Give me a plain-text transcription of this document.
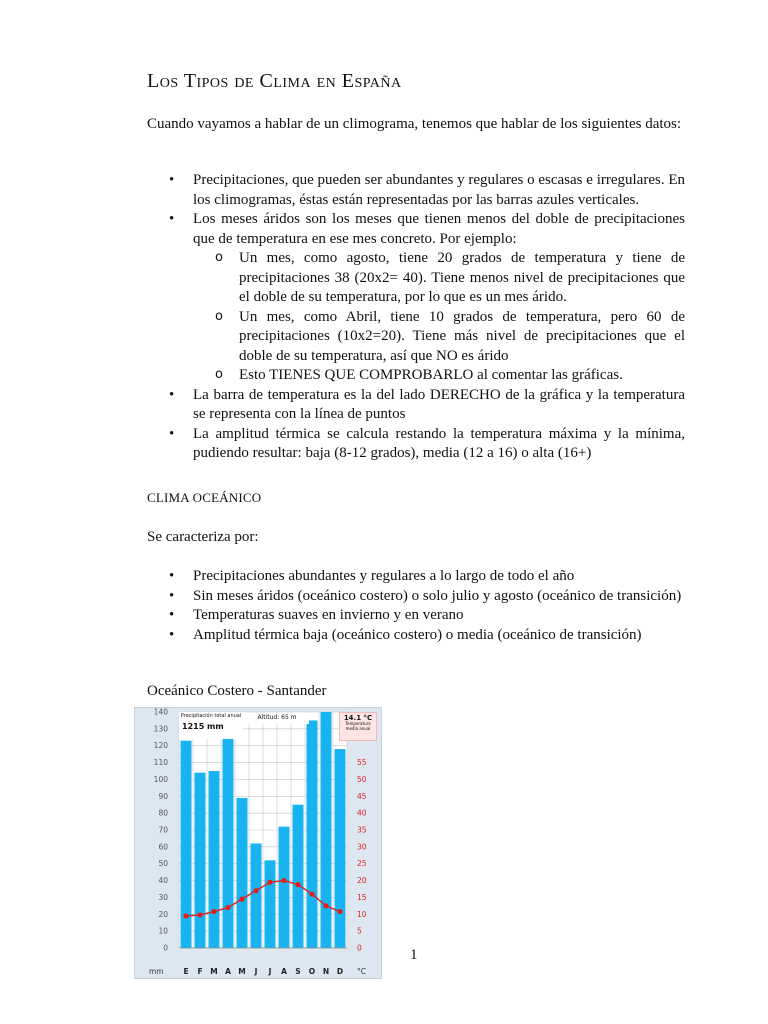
Los Tipos de Clima en España
Cuando vayamos a hablar de un climograma, tenemos que hablar de los siguientes datos:
• Precipitaciones, que pueden ser abundantes y regulares o escasas e irregulares. En los climogramas, éstas están representadas por las barras azules verticales.
• Los meses áridos son los meses que tienen menos del doble de precipitaciones que de temperatura en ese mes concreto. Por ejemplo:
o Un mes, como agosto, tiene 20 grados de temperatura y tiene de precipitaciones 38 (20x2= 40). Tiene menos nivel de precipitaciones que el doble de su temperatura, por lo que es un mes árido.
o Un mes, como Abril, tiene 10 grados de temperatura, pero 60 de precipitaciones (10x2=20). Tiene más nivel de precipitaciones que el doble de su temperatura, así que NO es árido
o Esto TIENES QUE COMPROBARLO al comentar las gráficas.
• La barra de temperatura es la del lado DERECHO de la gráfica y la temperatura se representa con la línea de puntos
• La amplitud térmica se calcula restando la temperatura máxima y la mínima, pudiendo resultar: baja (8-12 grados), media (12 a 16) o alta (16+)
CLIMA OCEÁNICO
Se caracteriza por:
• Precipitaciones abundantes y regulares a lo largo de todo el año
• Sin meses áridos (oceánico costero) o solo julio y agosto (oceánico de transición)
• Temperaturas suaves en invierno y en verano
• Amplitud térmica baja (oceánico costero) o media (oceánico de transición)
Oceánico Costero - Santander
0
10
20
30
40
50
60
70
80
90
100
110
120
130
140
0
5
10
15
20
25
30
35
40
45
50
55
E F M A M J J A S O N D
mm	°C
Precipitación total anual
1215 mm
Altitud: 65 m	14.1 °C
Temperatura media anual
1
